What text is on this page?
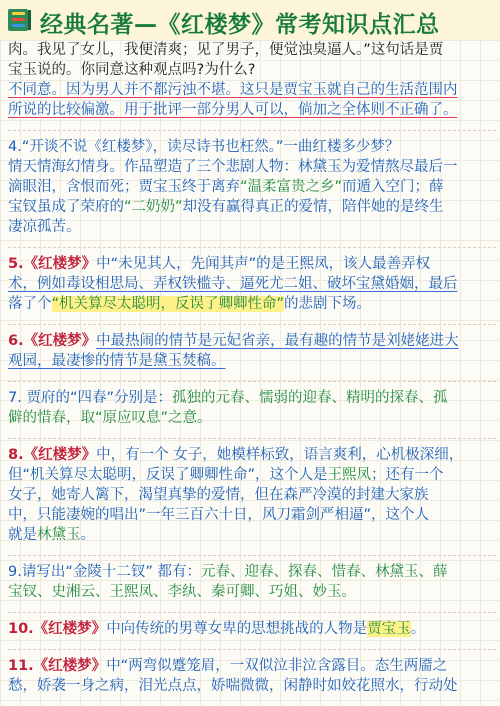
经典名著—《红楼梦》常考知识点汇总

肉。我见了女儿，我便清爽；见了男子，便觉浊臭逼人。”这句话是贾

宝玉说的。你同意这种观点吗?为什么?

不同意。因为男人并不都污浊不堪。这只是贾宝玉就自己的生活范围内

所说的比较偏激。用于批评一部分男人可以，倘加之全体则不正确了。

4.“开谈不说《红楼梦》，读尽诗书也枉然。”一曲红楼多少梦？

情天情海幻情身。作品塑造了三个悲剧人物：林黛玉为爱情熬尽最后一

滴眼泪，含恨而死；贾宝玉终于离弃“温柔富贵之乡”而遁入空门；薛

宝钗虽成了荣府的“二奶奶”却没有赢得真正的爱情，陪伴她的是终生

凄凉孤苦。

5.《红楼梦》中“未见其人，先闻其声”的是王熙凤，该人最善弄权

术，例如毒设相思局、弄权铁槛寺、逼死尤二姐、破坏宝黛婚姻，最后

落了个“机关算尽太聪明，反误了卿卿性命”的悲剧下场。

6.《红楼梦》中最热闹的情节是元妃省亲，最有趣的情节是刘姥姥进大

观园，最凄惨的情节是黛玉焚稿。

7. 贾府的“四春”分别是：孤独的元春、懦弱的迎春、精明的探春、孤

僻的惜春，取“原应叹息”之意。

8.《红楼梦》中，有一个 女子，她模样标致，语言爽利，心机极深细，

但“机关算尽太聪明，反误了卿卿性命”，这个人是王熙凤；还有一个

女子，她寄人篱下，渴望真挚的爱情，但在森严冷漠的封建大家族

中，只能凄婉的唱出”一年三百六十日，风刀霜剑严相逼”，这个人

就是林黛玉。

9.请写出“金陵十二钗” 都有：元春、迎春、探春、惜春、林黛玉、薛

宝钗、史湘云、王熙凤、李纨、秦可卿、巧姐、妙玉。

10.《红楼梦》中向传统的男尊女卑的思想挑战的人物是贾宝玉。

11.《红楼梦》中“两弯似蹙笼眉，一双似泣非泣含露目。态生两靥之

愁，娇袭一身之病，泪光点点，娇喘微微，闲静时如姣花照水，行动处
